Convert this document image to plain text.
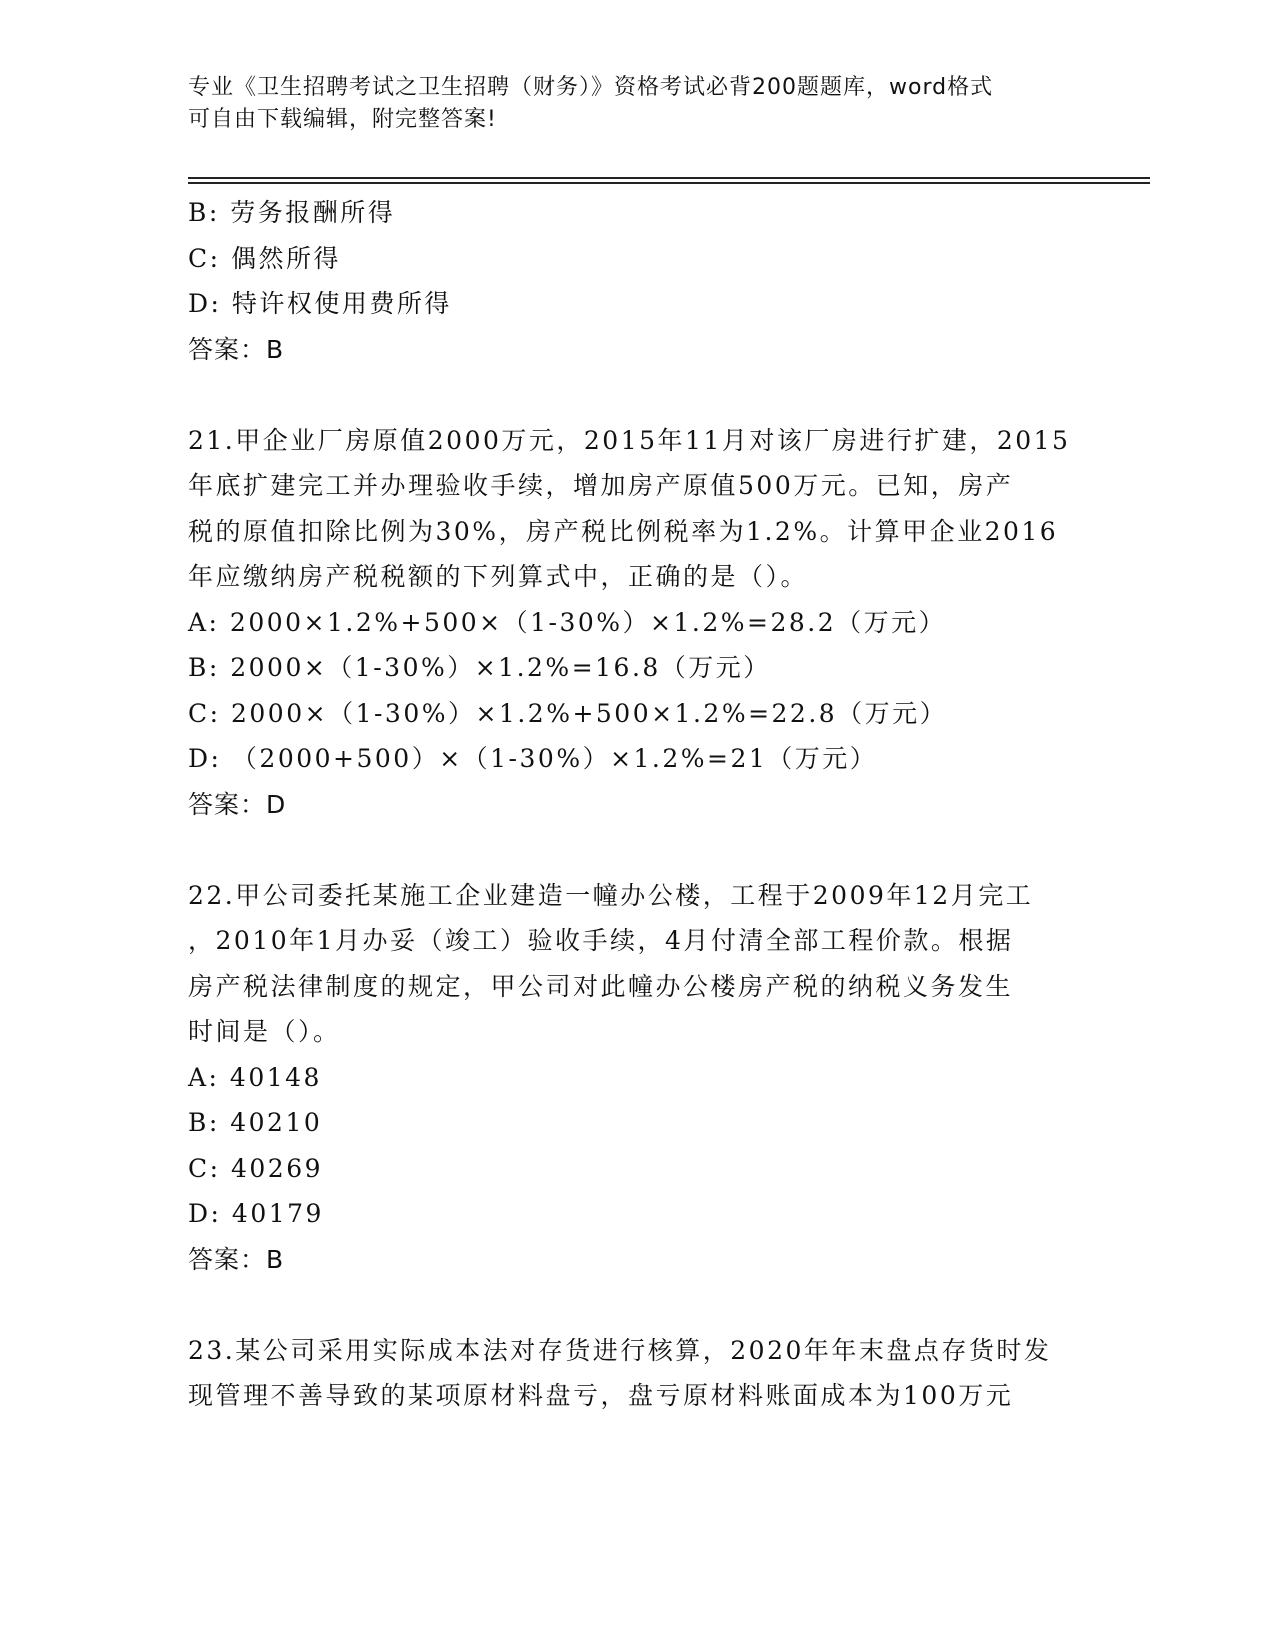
专业《卫生招聘考试之卫生招聘（财务）》资格考试必背200题题库，word格式
可自由下载编辑，附完整答案!
B: 劳务报酬所得
C: 偶然所得
D: 特许权使用费所得
答案：B
21.甲企业厂房原值2000万元，2015年11月对该厂房进行扩建，2015
年底扩建完工并办理验收手续，增加房产原值500万元。已知，房产
税的原值扣除比例为30%，房产税比例税率为1.2%。计算甲企业2016
年应缴纳房产税税额的下列算式中，正确的是（）。
A: 2000×1.2%+500×（1-30%）×1.2%=28.2（万元）
B: 2000×（1-30%）×1.2%=16.8（万元）
C: 2000×（1-30%）×1.2%+500×1.2%=22.8（万元）
D: （2000+500）×（1-30%）×1.2%=21（万元）
答案：D
22.甲公司委托某施工企业建造一幢办公楼，工程于2009年12月完工
，2010年1月办妥（竣工）验收手续，4月付清全部工程价款。根据
房产税法律制度的规定，甲公司对此幢办公楼房产税的纳税义务发生
时间是（）。
A: 40148
B: 40210
C: 40269
D: 40179
答案：B
23.某公司采用实际成本法对存货进行核算，2020年年末盘点存货时发
现管理不善导致的某项原材料盘亏，盘亏原材料账面成本为100万元
